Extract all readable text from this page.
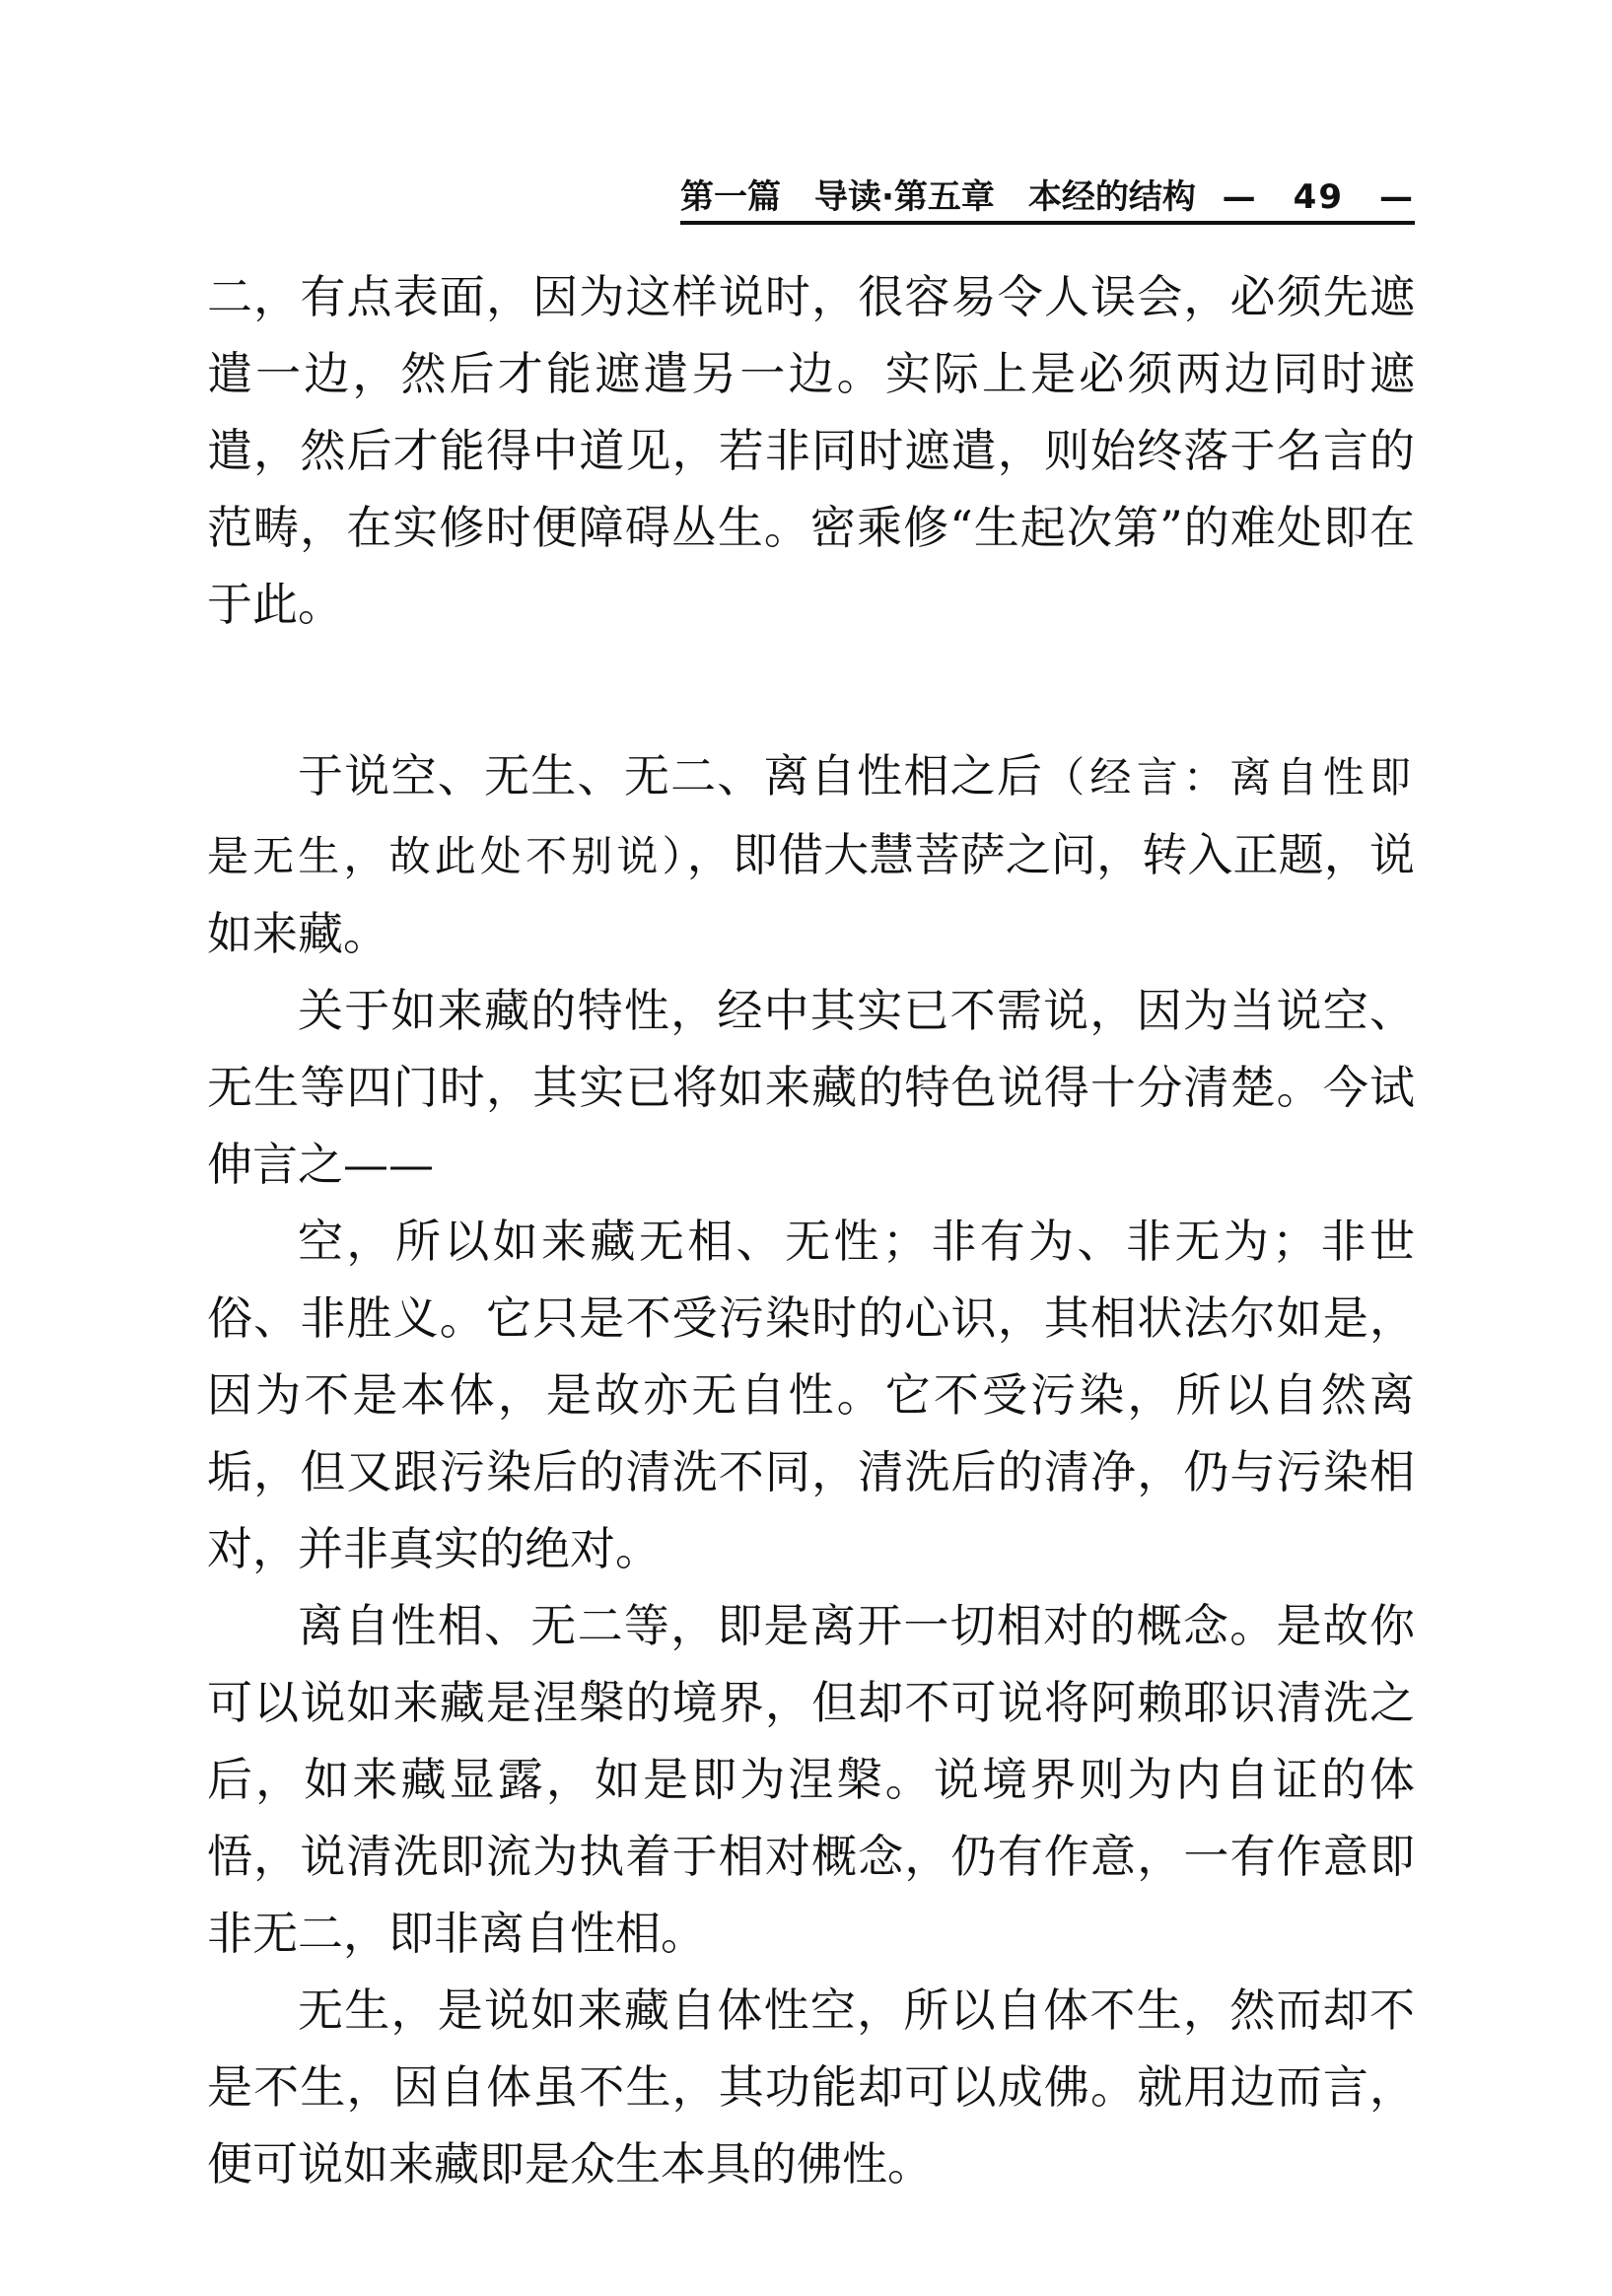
第一篇　导读·第五章　本经的结构 —　49　—

二，有点表面，因为这样说时，很容易令人误会，必须先遮遣一边，然后才能遮遣另一边。实际上是必须两边同时遮遣，然后才能得中道见，若非同时遮遣，则始终落于名言的范畴，在实修时便障碍丛生。密乘修“生起次第”的难处即在于此。

于说空、无生、无二、离自性相之后（经言：离自性即是无生，故此处不别说），即借大慧菩萨之问，转入正题，说如来藏。

关于如来藏的特性，经中其实已不需说，因为当说空、无生等四门时，其实已将如来藏的特色说得十分清楚。今试伸言之——

空，所以如来藏无相、无性；非有为、非无为；非世俗、非胜义。它只是不受污染时的心识，其相状法尔如是，因为不是本体，是故亦无自性。它不受污染，所以自然离垢，但又跟污染后的清洗不同，清洗后的清净，仍与污染相对，并非真实的绝对。

离自性相、无二等，即是离开一切相对的概念。是故你可以说如来藏是涅槃的境界，但却不可说将阿赖耶识清洗之后，如来藏显露，如是即为涅槃。说境界则为内自证的体悟，说清洗即流为执着于相对概念，仍有作意，一有作意即非无二，即非离自性相。

无生，是说如来藏自体性空，所以自体不生，然而却不是不生，因自体虽不生，其功能却可以成佛。就用边而言，便可说如来藏即是众生本具的佛性。
